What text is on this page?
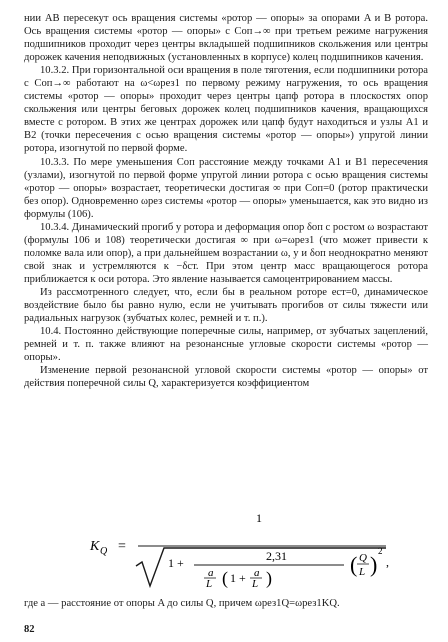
нии AB пересекут ось вращения системы «ротор — опоры» за опорами A и B ротора. Ось вращения системы «ротор — опоры» с Cоп→∞ при третьем режиме нагружения подшипников проходит через центры вкладышей подшипников скольжения или центры дорожек качения неподвижных (установленных в корпусе) колец подшипников качения.

10.3.2. При горизонтальной оси вращения в поле тяготения, если подшипники ротора с Cоп→∞ работают на ω<ωрез1 по первому режиму нагружения, то ось вращения системы «ротор — опоры» проходит через центры цапф ротора в плоскостях опор скольжения или центры беговых дорожек колец подшипников качения, вращающихся вместе с ротором. В этих же центрах дорожек или цапф будут находиться и узлы A1 и B2 (точки пересечения с осью вращения системы «ротор — опоры») упругой линии ротора, изогнутой по первой форме.

10.3.3. По мере уменьшения Cоп расстояние между точками A1 и B1 пересечения (узлами), изогнутой по первой форме упругой линии ротора с осью вращения системы «ротор — опоры» возрастает, теоретически достигая ∞ при Cоп=0 (ротор практически без опор). Одновременно ωрез системы «ротор — опоры» уменьшается, как это видно из формулы (106).

10.3.4. Динамический прогиб y ротора и деформация опор δоп с ростом ω возрастают (формулы 106 и 108) теоретически достигая ∞ при ω=ωрез1 (что может привести к поломке вала или опор), а при дальнейшем возрастании ω, y и δоп неоднократно меняют свой знак и устремляются к −δст. При этом центр масс вращающегося ротора приближается к оси ротора. Это явление называется самоцентрированием массы.

Из рассмотренного следует, что, если бы в реальном роторе eст=0, динамическое воздействие было бы равно нулю, если не учитывать прогибов от силы тяжести или радиальных нагрузок (зубчатых колес, ремней и т. п.).

10.4. Постоянно действующие поперечные силы, например, от зубчатых зацеплений, ремней и т. п. также влияют на резонансные угловые скорости системы «ротор — опоры».

Изменение первой резонансной угловой скорости системы «ротор — опоры» от действия поперечной силы Q, характеризуется коэффициентом

K Q =
1
1 +	2,31
a
L ( 1 + a
L )
( Q
L )
2
,
где a — расстояние от опоры A до силы Q, причем ωрез1Q=ωрез1KQ.
82
